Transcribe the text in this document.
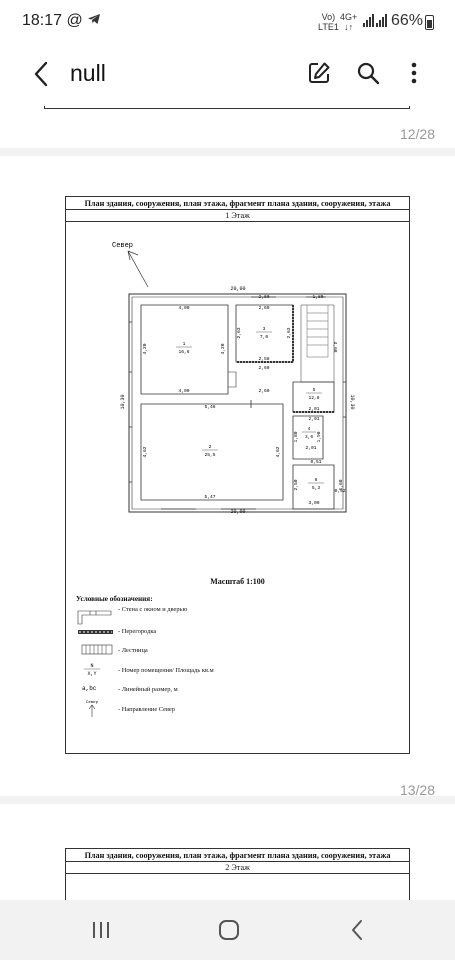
18:17 @	Vo)
LTE1
4G+
↓↑ 66%
null
12/28
План здания, сооружения, план этажа, фрагмент плана здания, сооружения, этажа
1 Этаж
Север
20,00
20,00
10,30	10,30
4,00
4,00
4,20	4,20
1
16,6
5,46
5,47
4,62	4,62
2
25,5
2,60
2,58
2,63	2,63
3
7,0
2,60	1,80
2,60
2,60
4,68
5
12,8
2,01
2,01
1,80	1,90
4
3,6
2,01
0,51
2,50	1,60
3,00
0,52
6
5,3
N
X,Y
a,bc
Север
Масштаб 1:100
Условные обозначения:
- Стена с окном и дверью
- Перегородка
- Лестница
- Номер помещения/ Площадь кв.м
- Линейный размер, м
- Направление Север
13/28
План здания, сооружения, план этажа, фрагмент плана здания, сооружения, этажа
2 Этаж
